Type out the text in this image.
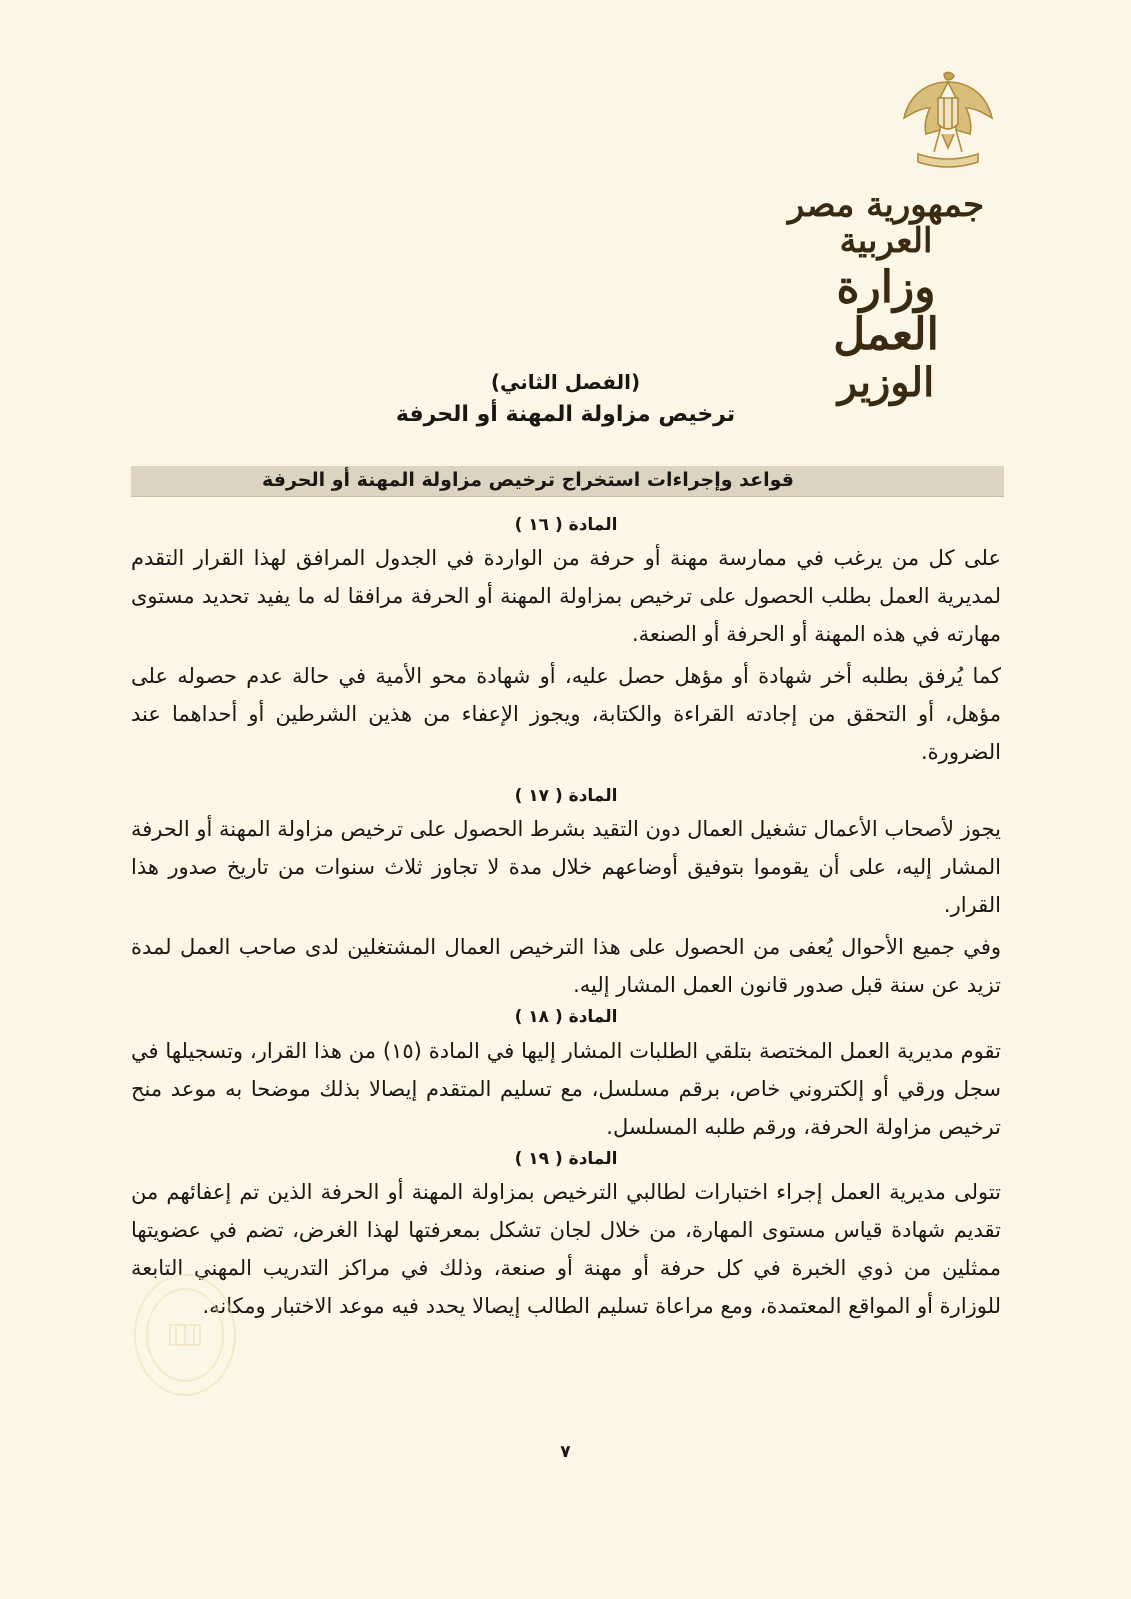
جمهورية مصر العربية
وزارة العمل
الوزير
(الفصل الثاني)
ترخيص مزاولة المهنة أو الحرفة
قواعد وإجراءات استخراج ترخيص مزاولة المهنة أو الحرفة
المادة ( ١٦ )

على كل من يرغب في ممارسة مهنة أو حرفة من الواردة في الجدول المرافق لهذا القرار التقدم لمديرية العمل بطلب الحصول على ترخيص بمزاولة المهنة أو الحرفة مرافقا له ما يفيد تحديد مستوى مهارته في هذه المهنة أو الحرفة أو الصنعة.

كما يُرفق بطلبه أخر شهادة أو مؤهل حصل عليه، أو شهادة محو الأمية في حالة عدم حصوله على مؤهل، أو التحقق من إجادته القراءة والكتابة، ويجوز الإعفاء من هذين الشرطين أو أحداهما عند الضرورة.

المادة ( ١٧ )

يجوز لأصحاب الأعمال تشغيل العمال دون التقيد بشرط الحصول على ترخيص مزاولة المهنة أو الحرفة المشار إليه، على أن يقوموا بتوفيق أوضاعهم خلال مدة لا تجاوز ثلاث سنوات من تاريخ صدور هذا القرار.

وفي جميع الأحوال يُعفى من الحصول على هذا الترخيص العمال المشتغلين لدى صاحب العمل لمدة تزيد عن سنة قبل صدور قانون العمل المشار إليه.

المادة ( ١٨ )

تقوم مديرية العمل المختصة بتلقي الطلبات المشار إليها في المادة (١٥) من هذا القرار، وتسجيلها في سجل ورقي أو إلكتروني خاص، برقم مسلسل، مع تسليم المتقدم إيصالا بذلك موضحا به موعد منح ترخيص مزاولة الحرفة، ورقم طلبه المسلسل.

المادة ( ١٩ )

تتولى مديرية العمل إجراء اختبارات لطالبي الترخيص بمزاولة المهنة أو الحرفة الذين تم إعفائهم من تقديم شهادة قياس مستوى المهارة، من خلال لجان تشكل بمعرفتها لهذا الغرض، تضم في عضويتها ممثلين من ذوي الخبرة في كل حرفة أو مهنة أو صنعة، وذلك في مراكز التدريب المهني التابعة للوزارة أو المواقع المعتمدة، ومع مراعاة تسليم الطالب إيصالا يحدد فيه موعد الاختبار ومكانه.

٧
